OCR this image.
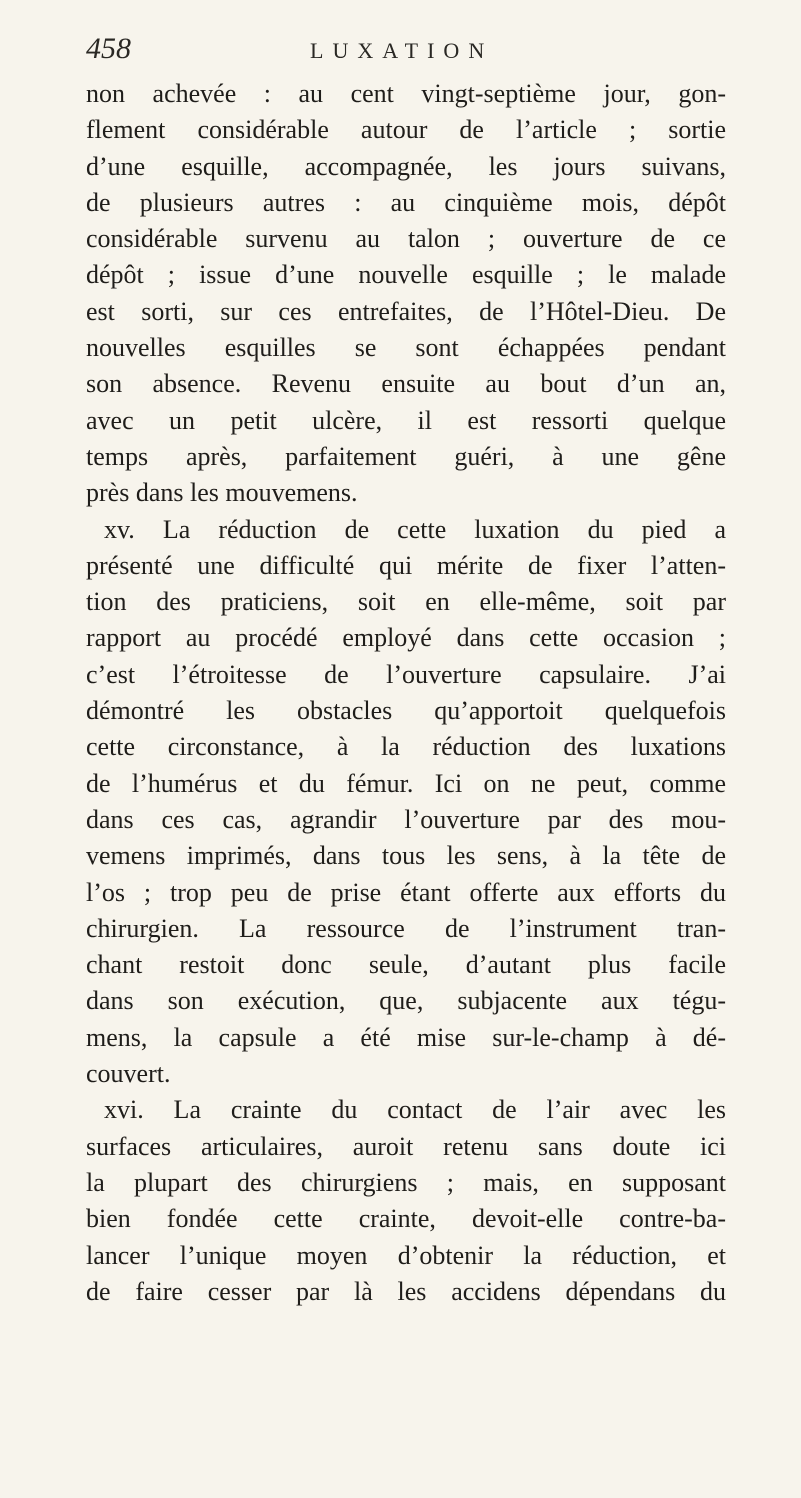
458	LUXATION
non achevée : au cent vingt-septième jour, gon-
flement considérable autour de l’article ; sortie
d’une esquille, accompagnée, les jours suivans,
de plusieurs autres : au cinquième mois, dépôt
considérable survenu au talon ; ouverture de ce
dépôt ; issue d’une nouvelle esquille ; le malade
est sorti, sur ces entrefaites, de l’Hôtel-Dieu. De
nouvelles esquilles se sont échappées pendant
son absence. Revenu ensuite au bout d’un an,
avec un petit ulcère, il est ressorti quelque
temps après, parfaitement guéri, à une gêne
près dans les mouvemens.
xv. La réduction de cette luxation du pied a
présenté une difficulté qui mérite de fixer l’atten-
tion des praticiens, soit en elle-même, soit par
rapport au procédé employé dans cette occasion ;
c’est l’étroitesse de l’ouverture capsulaire. J’ai
démontré les obstacles qu’apportoit quelquefois
cette circonstance, à la réduction des luxations
de l’humérus et du fémur. Ici on ne peut, comme
dans ces cas, agrandir l’ouverture par des mou-
vemens imprimés, dans tous les sens, à la tête de
l’os ; trop peu de prise étant offerte aux efforts du
chirurgien. La ressource de l’instrument tran-
chant restoit donc seule, d’autant plus facile
dans son exécution, que, subjacente aux tégu-
mens, la capsule a été mise sur-le-champ à dé-
couvert.
xvi. La crainte du contact de l’air avec les
surfaces articulaires, auroit retenu sans doute ici
la plupart des chirurgiens ; mais, en supposant
bien fondée cette crainte, devoit-elle contre-ba-
lancer l’unique moyen d’obtenir la réduction, et
de faire cesser par là les accidens dépendans du
